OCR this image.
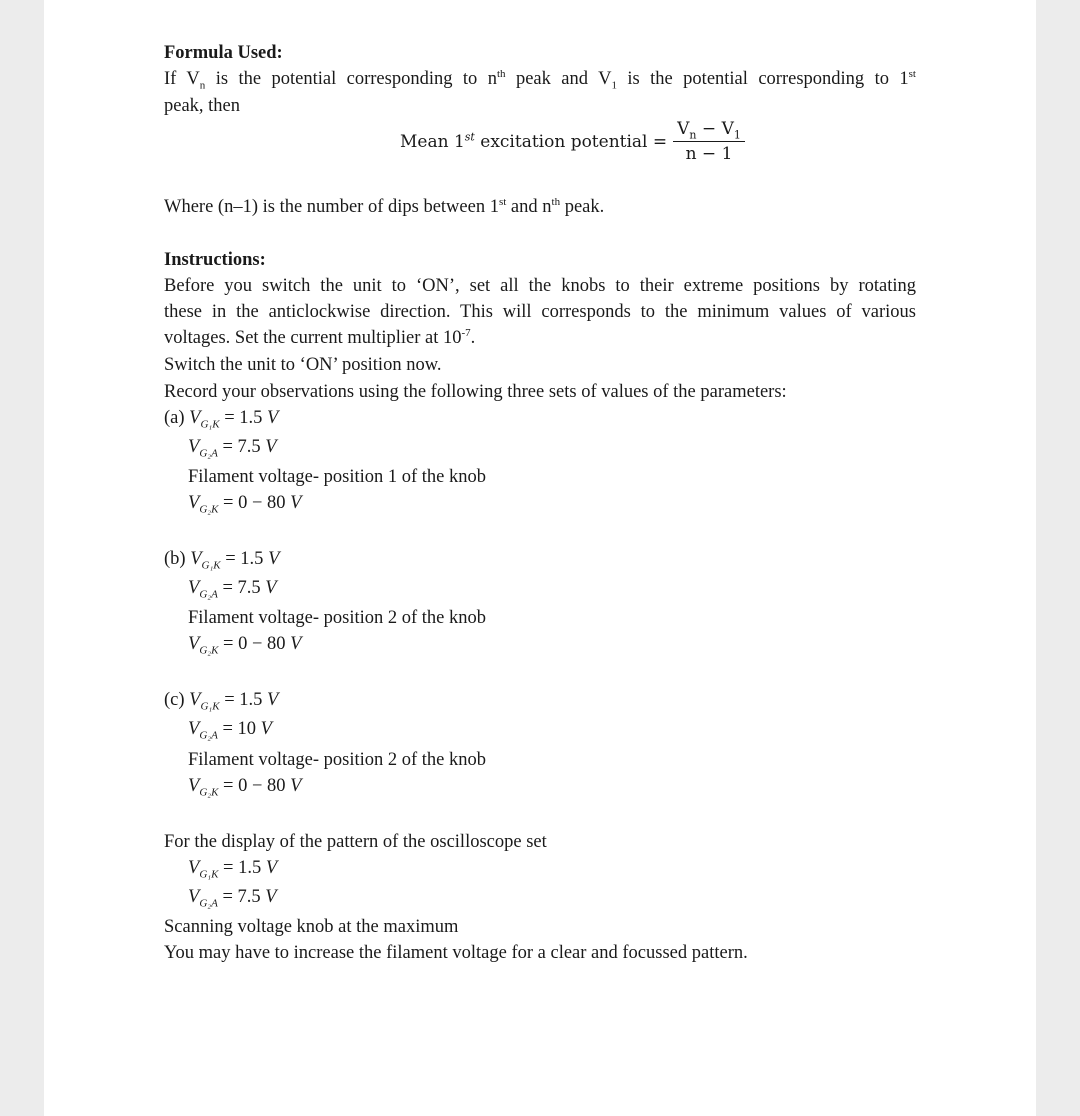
Formula Used:
If $V_n$ is the potential corresponding to $n^{th}$ peak and $V_1$ is the potential corresponding to 1st
peak, then
Mean 1st excitation potential = $\frac{V_n - V_1}{n - 1}$
Where (n–1) is the number of dips between 1st and $n^{th}$ peak.
Instructions:
Before you switch the unit to ‘ON’, set all the knobs to their extreme positions by rotating
these in the anticlockwise direction. This will corresponds to the minimum values of various
voltages. Set the current multiplier at $10^{-7}$.
Switch the unit to ‘ON’ position now.
Record your observations using the following three sets of values of the parameters:
(a) $V_{G_1K} = 1.5$ V
$V_{G_2A} = 7.5$ V
Filament voltage- position 1 of the knob
$V_{G_2K} = 0 - 80$ V
(b) $V_{G_1K} = 1.5$ V
$V_{G_2A} = 7.5$ V
Filament voltage- position 2 of the knob
$V_{G_2K} = 0 - 80$ V
(c) $V_{G_1K} = 1.5$ V
$V_{G_2A} = 10$ V
Filament voltage- position 2 of the knob
$V_{G_2K} = 0 - 80$ V
For the display of the pattern of the oscilloscope set
$V_{G_1K} = 1.5$ V
$V_{G_2A} = 7.5$ V
Scanning voltage knob at the maximum
You may have to increase the filament voltage for a clear and focussed pattern.
